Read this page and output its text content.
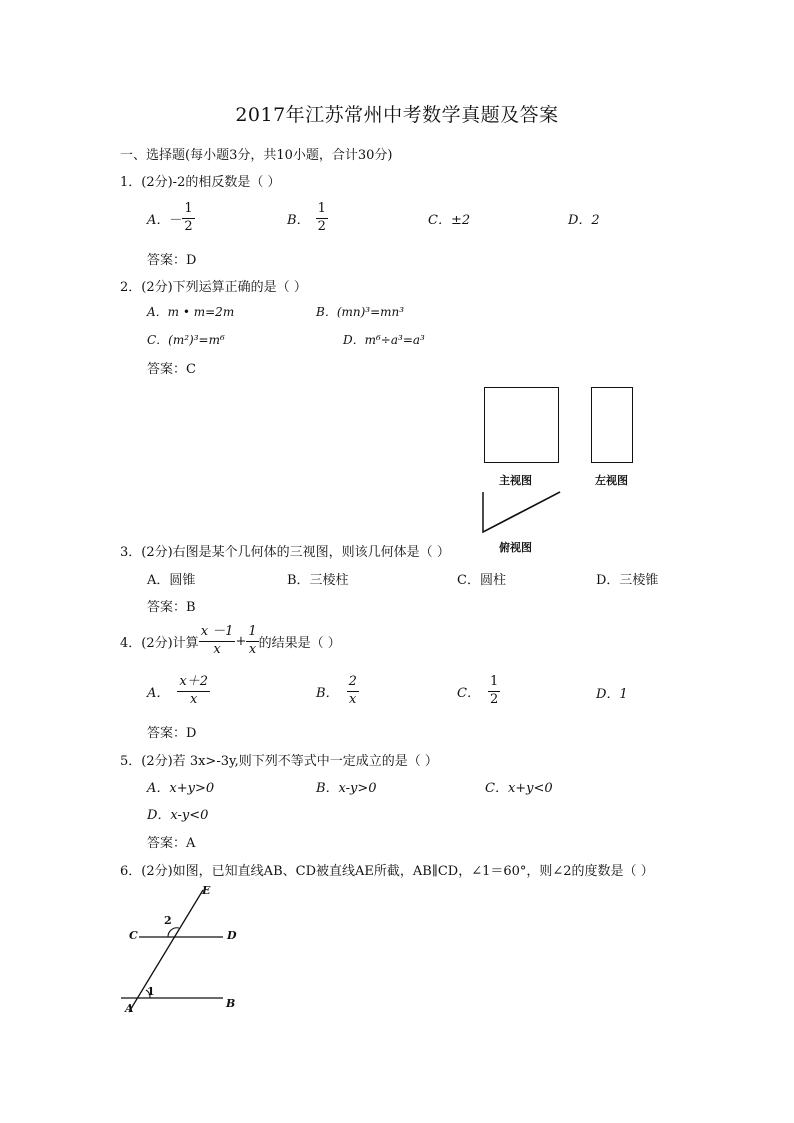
2017年江苏常州中考数学真题及答案
一、选择题(每小题3分，共10小题，合计30分)
1．(2分)-2的相反数是（ ）
A． － $\frac{1}{2}$	B． $\frac{1}{2}$	C．±2	D．2
答案：D
2．(2分)下列运算正确的是（ ）
A．m • m=2m	B．(mn)³=mn³
C．(m²)³=m⁶	D．m⁶÷a³=a³
答案：C
主视图	左视图
俯视图
3．(2分)右图是某个几何体的三视图，则该几何体是（ ）
A．圆锥	B．三棱柱	C．圆柱	D．三棱锥
答案：B
4．(2分)计算 $\frac{x -1}{x} + \frac{1}{x}$ 的结果是（ ）
A． $\frac{x+2}{x}$	B． $\frac{2}{x}$	C． $\frac{1}{2}$	D．1
答案：D
5．(2分)若 3x>-3y,则下列不等式中一定成立的是（ ）
A．x+y>0	B．x-y>0	C．x+y<0
D．x-y<0
答案：A
6．(2分)如图，已知直线AB、CD被直线AE所截，AB∥CD，∠1＝60°，则∠2的度数是（ ）
E
C	D
A	B
2
1
